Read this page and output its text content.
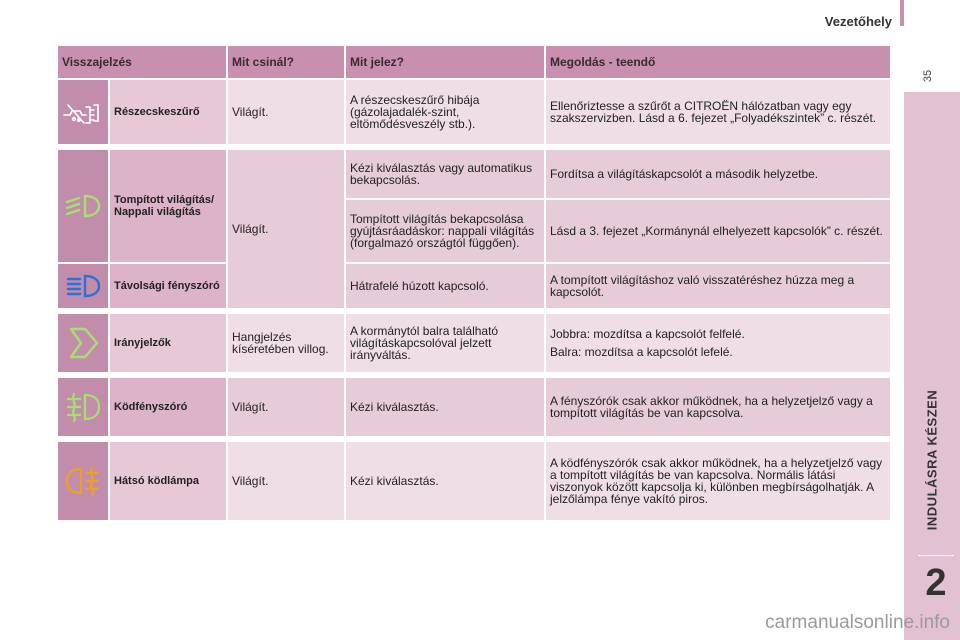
Vezetőhely
35
INDULÁSRA KÉSZEN
2
Visszajelzés		Mit csinál?	Mit jelez?	Megoldás - teendő
	Részecskeszűrő	Világít.	A részecskeszűrő hibája (gázolajadalék-szint, eltömődésveszély stb.).	Ellenőriztesse a szűrőt a CITROËN hálózatban vagy egy szakszervizben. Lásd a 6. fejezet „Folyadékszintek” c. részét.

	Tompított világítás/ Nappali világítás	Világít.	Kézi kiválasztás vagy automatikus bekapcsolás.	Fordítsa a világításkapcsolót a második helyzetbe.
			Tompított világítás bekapcsolása gyújtásráadáskor: nappali világítás (forgalmazó országtól függően).	Lásd a 3. fejezet „Kormánynál elhelyezett kapcsolók” c. részét.
	Távolsági fényszóró		Hátrafelé húzott kapcsoló.	A tompított világításhoz való visszatéréshez húzza meg a kapcsolót.

	Irányjelzők	Hangjelzés kíséretében villog.	A kormánytól balra található világításkapcsolóval jelzett irányváltás.	Jobbra: mozdítsa a kapcsolót felfelé.
Balra: mozdítsa a kapcsolót lefelé.

	Ködfényszóró	Világít.	Kézi kiválasztás.	A fényszórók csak akkor működnek, ha a helyzetjelző vagy a tompított világítás be van kapcsolva.

	Hátsó ködlámpa	Világít.	Kézi kiválasztás.	A ködfényszórók csak akkor működnek, ha a helyzetjelző vagy a tompított világítás be van kapcsolva. Normális látási viszonyok között kapcsolja ki, különben megbírságolhatják. A jelzőlámpa fénye vakító piros.
carmanualsonline.info
